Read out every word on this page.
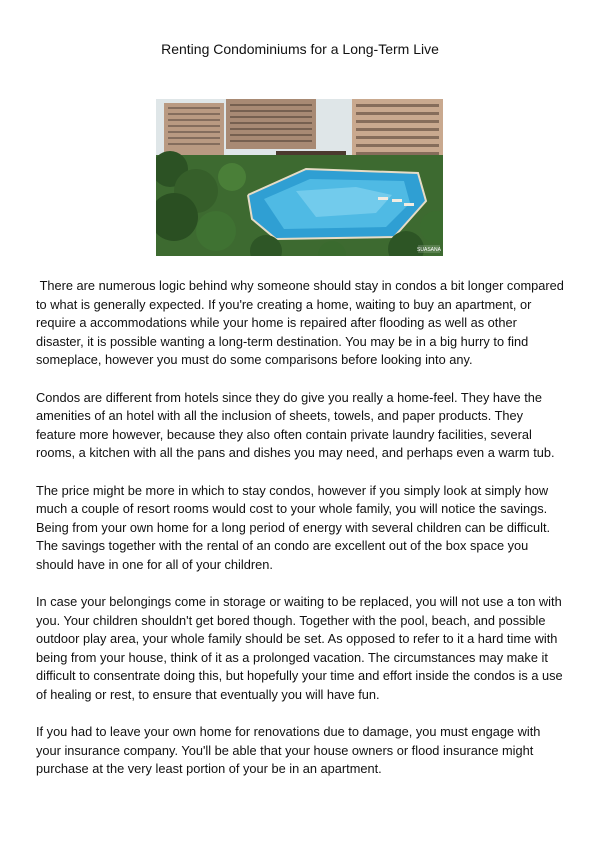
Renting Condominiums for a Long-Term Live
SUASANA

There are numerous logic behind why someone should stay in condos a bit longer compared to what is generally expected. If you're creating a home, waiting to buy an apartment, or require a accommodations while your home is repaired after flooding as well as other disaster, it is possible wanting a long-term destination. You may be in a big hurry to find someplace, however you must do some comparisons before looking into any.

Condos are different from hotels since they do give you really a home-feel. They have the amenities of an hotel with all the inclusion of sheets, towels, and paper products. They feature more however, because they also often contain private laundry facilities, several rooms, a kitchen with all the pans and dishes you may need, and perhaps even a warm tub.

The price might be more in which to stay condos, however if you simply look at simply how much a couple of resort rooms would cost to your whole family, you will notice the savings. Being from your own home for a long period of energy with several children can be difficult. The savings together with the rental of an condo are excellent out of the box space you should have in one for all of your children.

In case your belongings come in storage or waiting to be replaced, you will not use a ton with you. Your children shouldn't get bored though. Together with the pool, beach, and possible outdoor play area, your whole family should be set. As opposed to refer to it a hard time with being from your house, think of it as a prolonged vacation. The circumstances may make it difficult to consentrate doing this, but hopefully your time and effort inside the condos is a use of healing or rest, to ensure that eventually you will have fun.

If you had to leave your own home for renovations due to damage, you must engage with your insurance company. You'll be able that your house owners or flood insurance might purchase at the very least portion of your be in an apartment.
